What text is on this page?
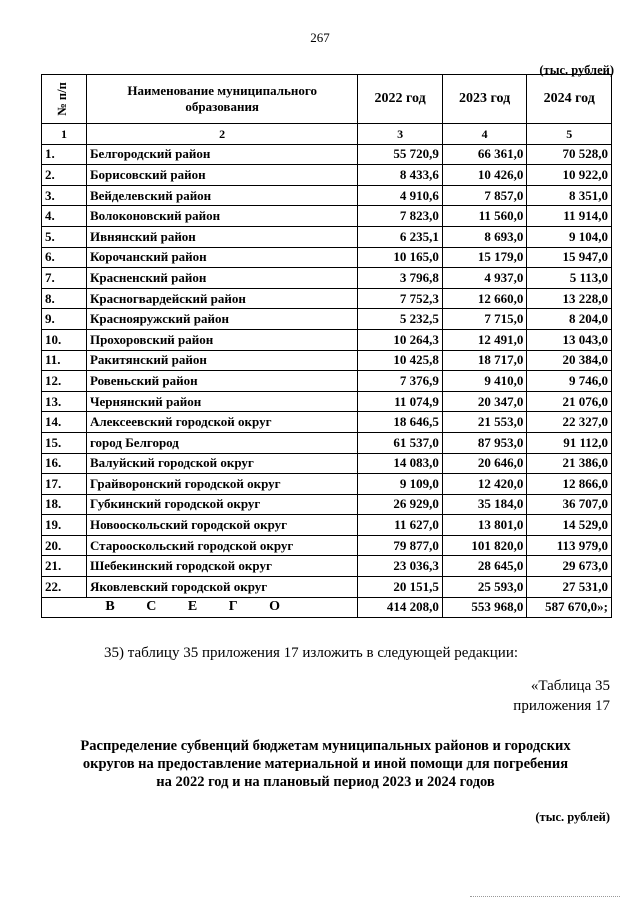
267
(тыс. рублей)
№ п/п	Наименование муниципального образования	2022 год	2023 год	2024 год
1	2	3	4	5
1.	Белгородский район	55 720,9	66 361,0	70 528,0
2.	Борисовский район	8 433,6	10 426,0	10 922,0
3.	Вейделевский район	4 910,6	7 857,0	8 351,0
4.	Волоконовский район	7 823,0	11 560,0	11 914,0
5.	Ивнянский район	6 235,1	8 693,0	9 104,0
6.	Корочанский район	10 165,0	15 179,0	15 947,0
7.	Красненский район	3 796,8	4 937,0	5 113,0
8.	Красногвардейский район	7 752,3	12 660,0	13 228,0
9.	Краснояружский район	5 232,5	7 715,0	8 204,0
10.	Прохоровский район	10 264,3	12 491,0	13 043,0
11.	Ракитянский район	10 425,8	18 717,0	20 384,0
12.	Ровеньский район	7 376,9	9 410,0	9 746,0
13.	Чернянский район	11 074,9	20 347,0	21 076,0
14.	Алексеевский городской округ	18 646,5	21 553,0	22 327,0
15.	город Белгород	61 537,0	87 953,0	91 112,0
16.	Валуйский городской округ	14 083,0	20 646,0	21 386,0
17.	Грайворонский городской округ	9 109,0	12 420,0	12 866,0
18.	Губкинский городской округ	26 929,0	35 184,0	36 707,0
19.	Новооскольский городской округ	11 627,0	13 801,0	14 529,0
20.	Старооскольский городской округ	79 877,0	101 820,0	113 979,0
21.	Шебекинский городской округ	23 036,3	28 645,0	29 673,0
22.	Яковлевский городской округ	20 151,5	25 593,0	27 531,0
В С Е Г О		414 208,0	553 968,0	587 670,0»;
35) таблицу 35 приложения 17 изложить в следующей редакции:
«Таблица 35
приложения 17
Распределение субвенций бюджетам муниципальных районов и городских
округов на предоставление материальной и иной помощи для погребения
на 2022 год и на плановый период 2023 и 2024 годов
(тыс. рублей)
